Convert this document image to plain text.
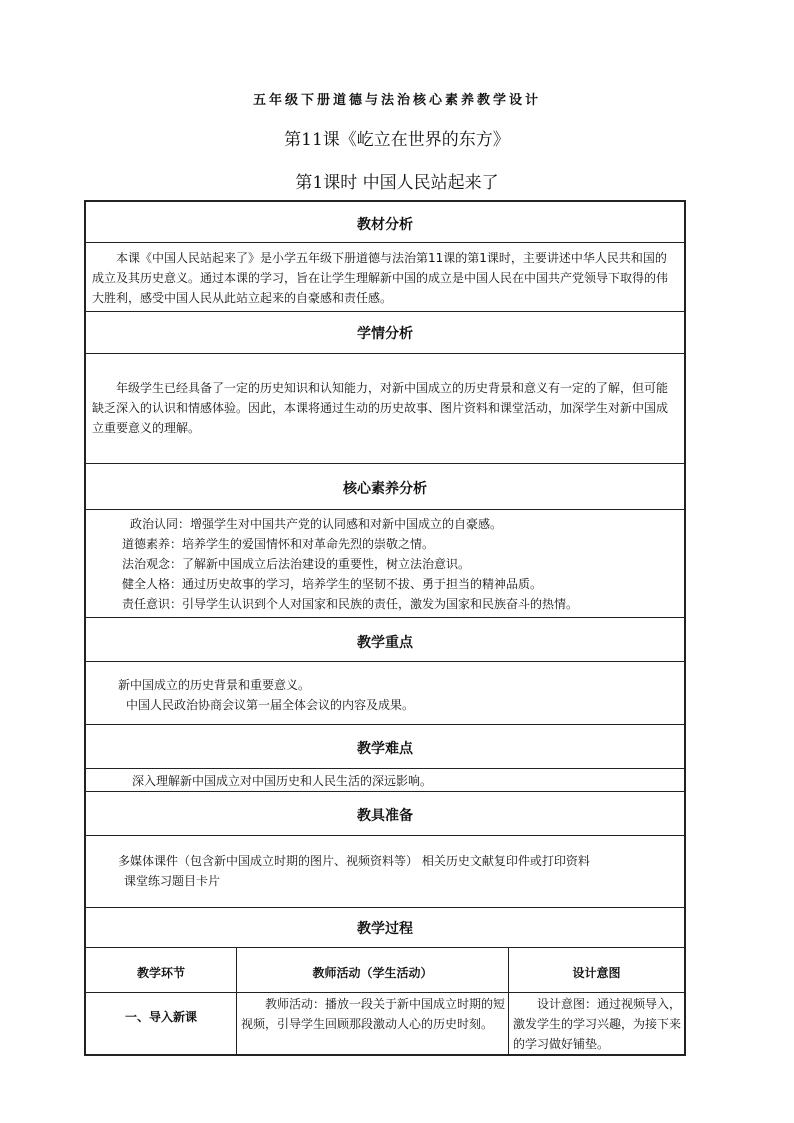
五年级下册道德与法治核心素养教学设计
第11课《屹立在世界的东方》
第1课时 中国人民站起来了
教材分析

本课《中国人民站起来了》是小学五年级下册道德与法治第11课的第1课时，主要讲述中华人民共和国的成立及其历史意义。通过本课的学习，旨在让学生理解新中国的成立是中国人民在中国共产党领导下取得的伟大胜利，感受中国人民从此站立起来的自豪感和责任感。

学情分析

年级学生已经具备了一定的历史知识和认知能力，对新中国成立的历史背景和意义有一定的了解，但可能缺乏深入的认识和情感体验。因此，本课将通过生动的历史故事、图片资料和课堂活动，加深学生对新中国成立重要意义的理解。

核心素养分析
政治认同：增强学生对中国共产党的认同感和对新中国成立的自豪感。
道德素养：培养学生的爱国情怀和对革命先烈的崇敬之情。
法治观念：了解新中国成立后法治建设的重要性，树立法治意识。
健全人格：通过历史故事的学习，培养学生的坚韧不拔、勇于担当的精神品质。
责任意识：引导学生认识到个人对国家和民族的责任，激发为国家和民族奋斗的热情。
教学重点
新中国成立的历史背景和重要意义。
中国人民政治协商会议第一届全体会议的内容及成果。
教学难点
深入理解新中国成立对中国历史和人民生活的深远影响。
教具准备
多媒体课件（包含新中国成立时期的图片、视频资料等） 相关历史文献复印件或打印资料
课堂练习题目卡片
教学过程
教学环节	教师活动（学生活动）	设计意图
一、导入新课

教师活动：播放一段关于新中国成立时期的短视频，引导学生回顾那段激动人心的历史时刻。

设计意图：通过视频导入，激发学生的学习兴趣，为接下来的学习做好铺垫。
